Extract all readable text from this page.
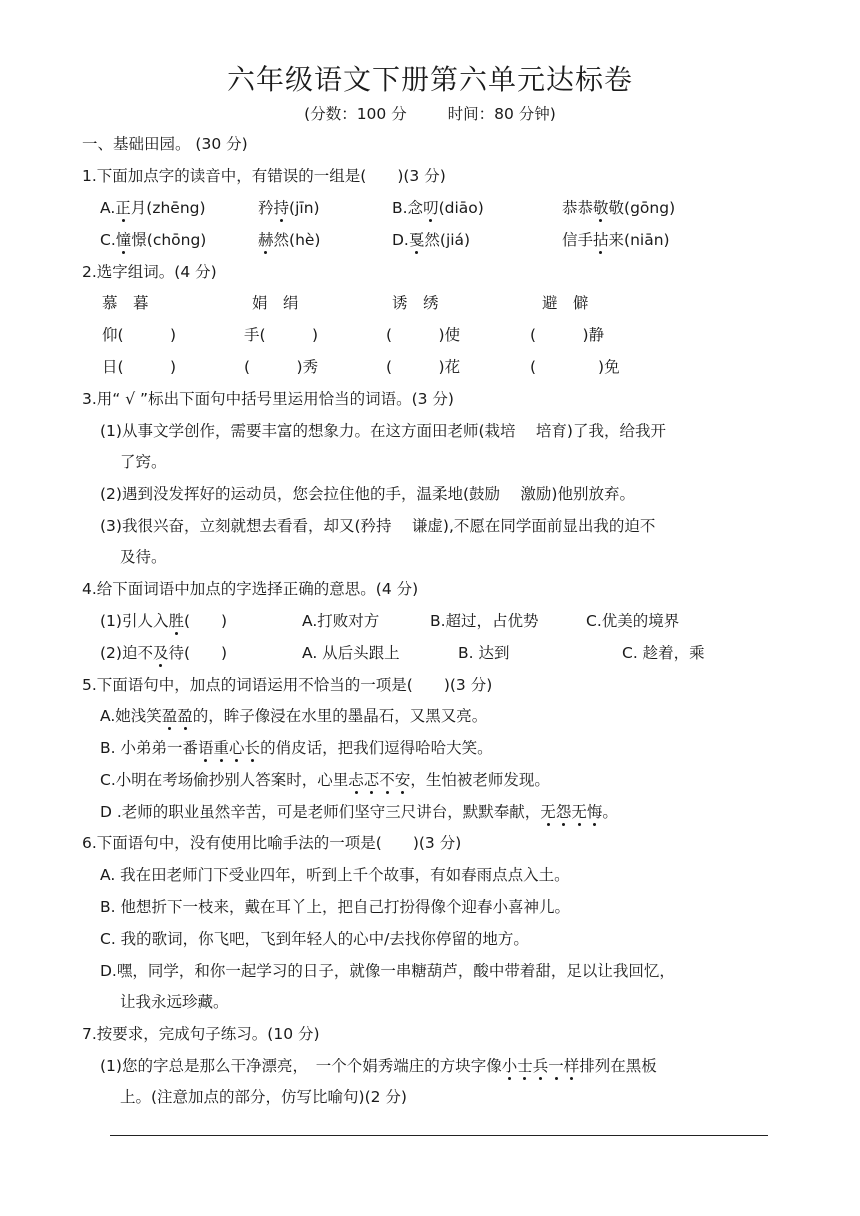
六年级语文下册第六单元达标卷
(分数：100 分	时间：80 分钟)
一、基础田园。 (30 分)
1.下面加点字的读音中，有错误的一组是(　　)(3 分)
A.正月(zhēng)	矜持(jīn)	B.念叨(diāo)	恭恭敬敬(gōng)
C.憧憬(chōng)	赫然(hè)	D.戛然(jiá)	信手拈来(niān)
2.选字组词。(4 分)
慕　暮	娟　绢	诱　绣	避　僻
仰(　　　)	手(　　　)	(　　　)使	(　　　)静
日(　　　)	(　　　)秀	(　　　)花	(　　　　)免
3.用“ √ ”标出下面句中括号里运用恰当的词语。(3 分)
(1)从事文学创作，需要丰富的想象力。在这方面田老师(栽培　 培育)了我，给我开
了窍。
(2)遇到没发挥好的运动员，您会拉住他的手，温柔地(鼓励　 激励)他别放弃。
(3)我很兴奋，立刻就想去看看，却又(矜持　 谦虚),不愿在同学面前显出我的迫不
及待。
4.给下面词语中加点的字选择正确的意思。(4 分)
(1)引人入胜(　　)	A.打败对方	B.超过，占优势	C.优美的境界
(2)迫不及待(　　)	A. 从后头跟上	B. 达到	C. 趁着，乘
5.下面语句中，加点的词语运用不恰当的一项是(　　)(3 分)
A.她浅笑盈盈的，眸子像浸在水里的墨晶石，又黑又亮。
B. 小弟弟一番语重心长的俏皮话，把我们逗得哈哈大笑。
C.小明在考场偷抄别人答案时，心里忐忑不安，生怕被老师发现。
D .老师的职业虽然辛苦，可是老师们坚守三尺讲台，默默奉献，无怨无悔。
6.下面语句中，没有使用比喻手法的一项是(　　)(3 分)
A. 我在田老师门下受业四年，听到上千个故事，有如春雨点点入土。
B. 他想折下一枝来，戴在耳丫上，把自己打扮得像个迎春小喜神儿。
C. 我的歌词，你飞吧，飞到年轻人的心中/去找你停留的地方。
D.嘿，同学，和你一起学习的日子，就像一串糖葫芦，酸中带着甜，足以让我回忆，
让我永远珍藏。
7.按要求，完成句子练习。(10 分)
(1)您的字总是那么干净漂亮，　一个个娟秀端庄的方块字像小士兵一样排列在黑板
上。(注意加点的部分，仿写比喻句)(2 分)
